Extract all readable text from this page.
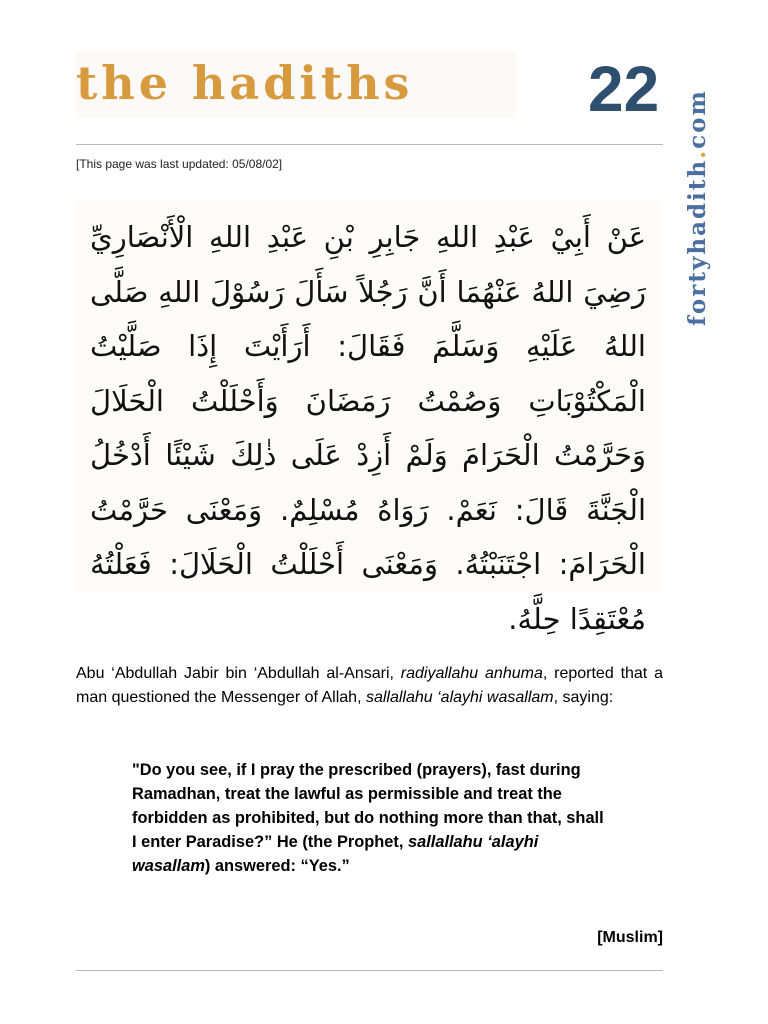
the hadiths	22
fortyhadith.com
[This page was last updated: 05/08/02]
عَنْ أَبِيْ عَبْدِ اللهِ جَابِرِ بْنِ عَبْدِ اللهِ الْأَنْصَارِيِّ رَضِيَ اللهُ عَنْهُمَا أَنَّ رَجُلاً سَأَلَ رَسُوْلَ اللهِ صَلَّى اللهُ عَلَيْهِ وَسَلَّمَ فَقَالَ: أَرَأَيْتَ إِذَا صَلَّيْتُ الْمَكْتُوْبَاتِ وَصُمْتُ رَمَضَانَ وَأَحْلَلْتُ الْحَلَالَ وَحَرَّمْتُ الْحَرَامَ وَلَمْ أَزِدْ عَلَى ذٰلِكَ شَيْئًا أَدْخُلُ الْجَنَّةَ قَالَ: نَعَمْ. رَوَاهُ مُسْلِمٌ. وَمَعْنَى حَرَّمْتُ الْحَرَامَ: اجْتَنَبْتُهُ. وَمَعْنَى أَحْلَلْتُ الْحَلَالَ: فَعَلْتُهُ مُعْتَقِدًا حِلَّهُ.
Abu ‘Abdullah Jabir bin ‘Abdullah al-Ansari, radiyallahu anhuma, reported that a man questioned the Messenger of Allah, sallallahu ‘alayhi wasallam, saying:
"Do you see, if I pray the prescribed (prayers), fast during Ramadhan, treat the lawful as permissible and treat the forbidden as prohibited, but do nothing more than that, shall I enter Paradise?” He (the Prophet, sallallahu ‘alayhi wasallam) answered: “Yes.”
[Muslim]
